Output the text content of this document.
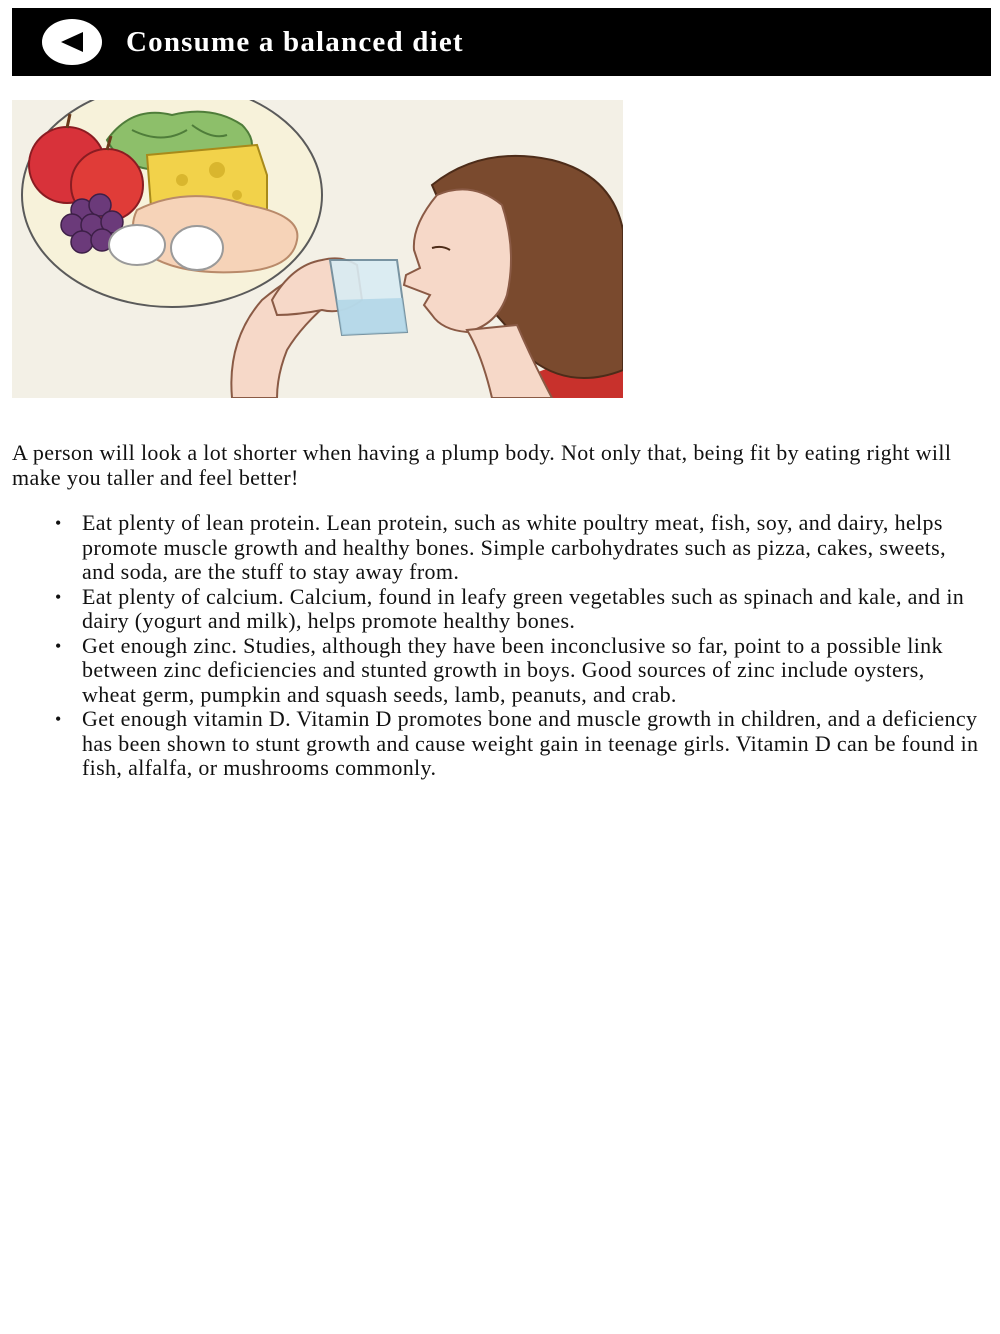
Consume a balanced diet

A person will look a lot shorter when having a plump body. Not only that, being fit by eating right will make you taller and feel better!

• Eat plenty of lean protein. Lean protein, such as white poultry meat, fish, soy, and dairy, helps promote muscle growth and healthy bones. Simple carbohydrates such as pizza, cakes, sweets, and soda, are the stuff to stay away from.
• Eat plenty of calcium. Calcium, found in leafy green vegetables such as spinach and kale, and in dairy (yogurt and milk), helps promote healthy bones.
• Get enough zinc. Studies, although they have been inconclusive so far, point to a possible link between zinc deficiencies and stunted growth in boys. Good sources of zinc include oysters, wheat germ, pumpkin and squash seeds, lamb, peanuts, and crab.
• Get enough vitamin D. Vitamin D promotes bone and muscle growth in children, and a deficiency has been shown to stunt growth and cause weight gain in teenage girls. Vitamin D can be found in fish, alfalfa, or mushrooms commonly.
